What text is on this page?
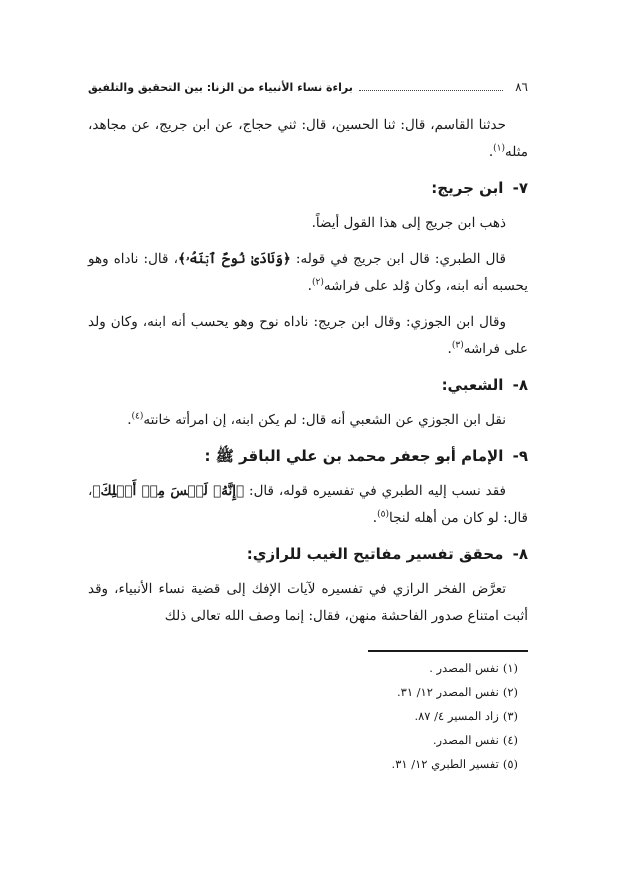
٨٦
براءة نساء الأنبياء من الزنا: بين التحقيق والتلفيق

حدثنا القاسم، قال: ثنا الحسين، قال: ثني حجاج، عن ابن جريج، عن مجاهد، مثله$^{(١)}$.

٧- ابن جريج:

ذهب ابن جريج إلى هذا القول أيضاً.

قال الطبري: قال ابن جريج في قوله: ﴿وَنَادَىٰ نُوحٌ ٱبۡنَهُۥ﴾، قال: ناداه وهو يحسبه أنه ابنه، وكان وُلد على فراشه$^{(٢)}$.

وقال ابن الجوزي: وقال ابن جريج: ناداه نوح وهو يحسب أنه ابنه، وكان ولد على فراشه$^{(٣)}$.

٨- الشعبي:

نقل ابن الجوزي عن الشعبي أنه قال: لم يكن ابنه، إن امرأته خانته$^{(٤)}$.

٩- الإمام أبو جعفر محمد بن علي الباقر ﷺ :

فقد نسب إليه الطبري في تفسيره قوله، قال: ﴿إِنَّهُۥ لَيۡسَ مِنۡ أَهۡلِكَ﴾، قال: لو كان من أهله لنجا$^{(٥)}$.

٨- محقق تفسير مفاتيح الغيب للرازي:

تعرَّض الفخر الرازي في تفسيره لآيات الإفك إلى قضية نساء الأنبياء، وقد أثبت امتناع صدور الفاحشة منهن، فقال: إنما وصف الله تعالى ذلك

(١)نفس المصدر .
(٢)نفس المصدر ١٢/ ٣١.
(٣)زاد المسير ٤/ ٨٧.
(٤)نفس المصدر.
(٥)تفسير الطبري ١٢/ ٣١.
